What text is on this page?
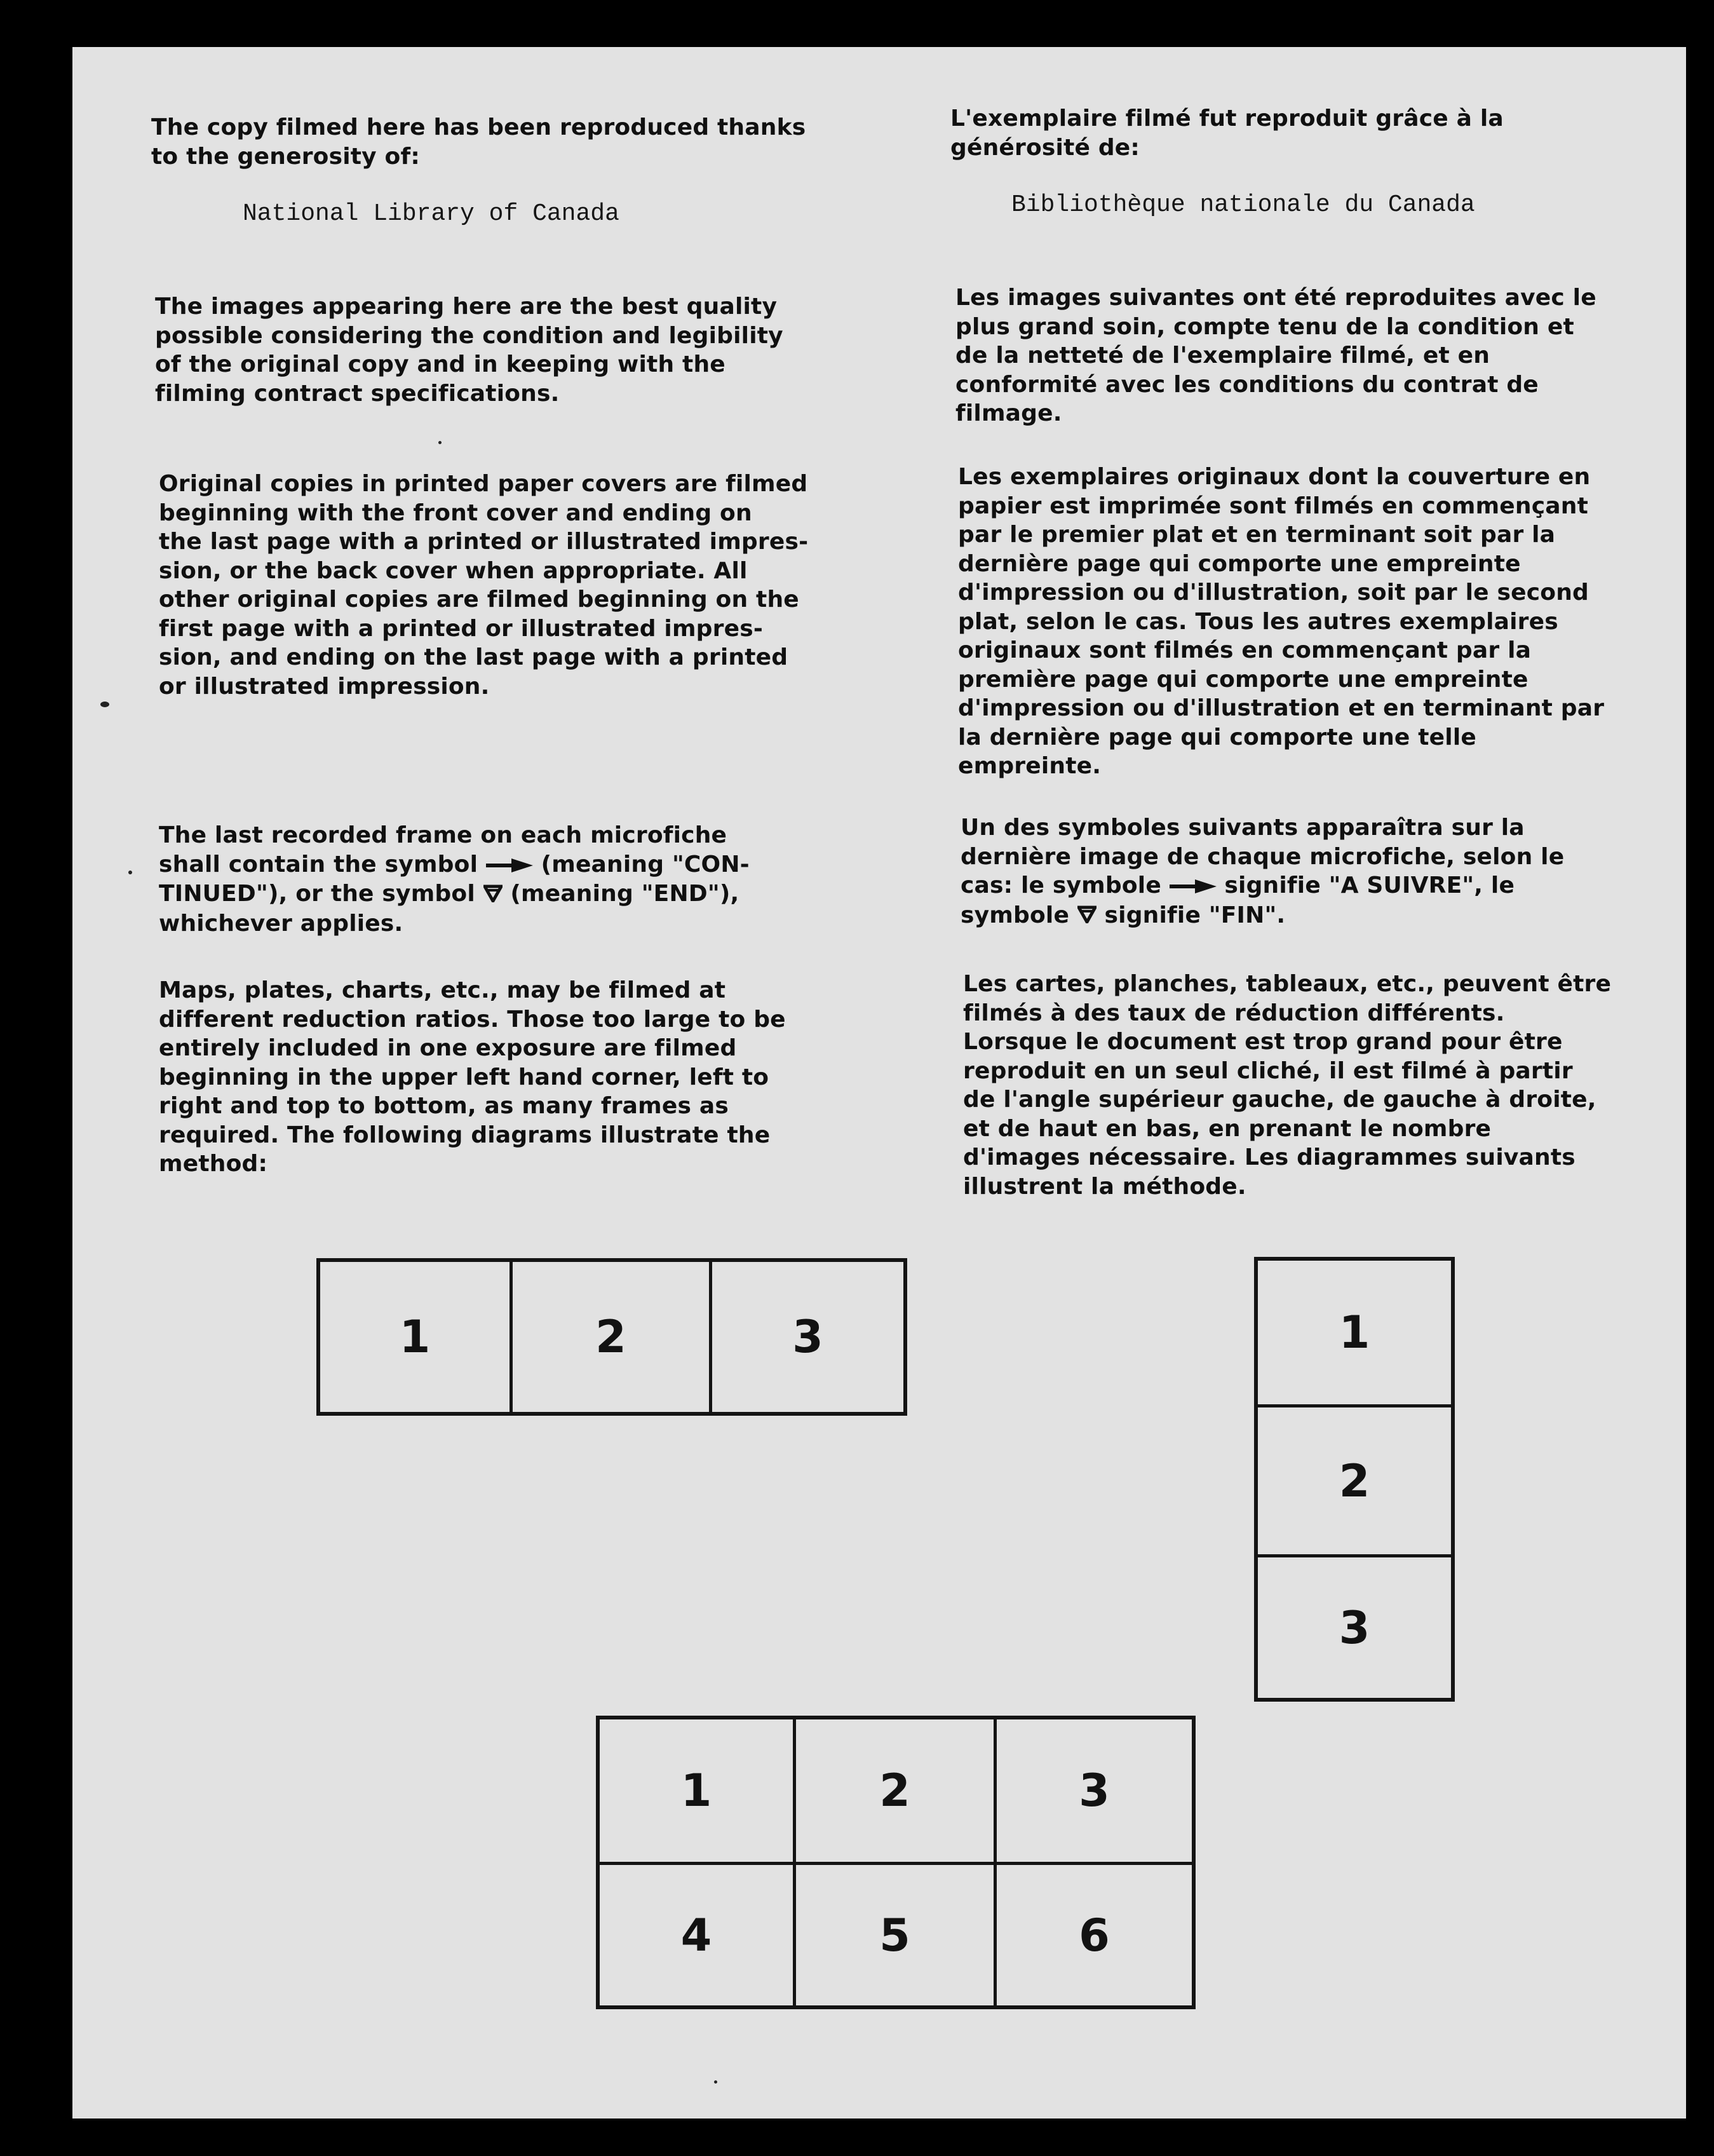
The copy filmed here has been reproduced thanks
to the generosity of:

National Library of Canada

The images appearing here are the best quality
possible considering the condition and legibility
of the original copy and in keeping with the
filming contract specifications.

Original copies in printed paper covers are filmed
beginning with the front cover and ending on
the last page with a printed or illustrated impres-
sion, or the back cover when appropriate. All
other original copies are filmed beginning on the
first page with a printed or illustrated impres-
sion, and ending on the last page with a printed
or illustrated impression.

The last recorded frame on each microfiche
shall contain the symbol	(meaning "CON-
TINUED"), or the symbol  (meaning "END"),
whichever applies.

Maps, plates, charts, etc., may be filmed at
different reduction ratios. Those too large to be
entirely included in one exposure are filmed
beginning in the upper left hand corner, left to
right and top to bottom, as many frames as
required. The following diagrams illustrate the
method:

L'exemplaire filmé fut reproduit grâce à la
générosité de:

Bibliothèque nationale du Canada

Les images suivantes ont été reproduites avec le
plus grand soin, compte tenu de la condition et
de la netteté de l'exemplaire filmé, et en
conformité avec les conditions du contrat de
filmage.

Les exemplaires originaux dont la couverture en
papier est imprimée sont filmés en commençant
par le premier plat et en terminant soit par la
dernière page qui comporte une empreinte
d'impression ou d'illustration, soit par le second
plat, selon le cas. Tous les autres exemplaires
originaux sont filmés en commençant par la
première page qui comporte une empreinte
d'impression ou d'illustration et en terminant par
la dernière page qui comporte une telle
empreinte.

Un des symboles suivants apparaîtra sur la
dernière image de chaque microfiche, selon le
cas: le symbole	signifie "A SUIVRE", le
symbole  signifie "FIN".

Les cartes, planches, tableaux, etc., peuvent être
filmés à des taux de réduction différents.
Lorsque le document est trop grand pour être
reproduit en un seul cliché, il est filmé à partir
de l'angle supérieur gauche, de gauche à droite,
et de haut en bas, en prenant le nombre
d'images nécessaire. Les diagrammes suivants
illustrent la méthode.

1	2	3	1
2
3
1	2	3
4	5	6
